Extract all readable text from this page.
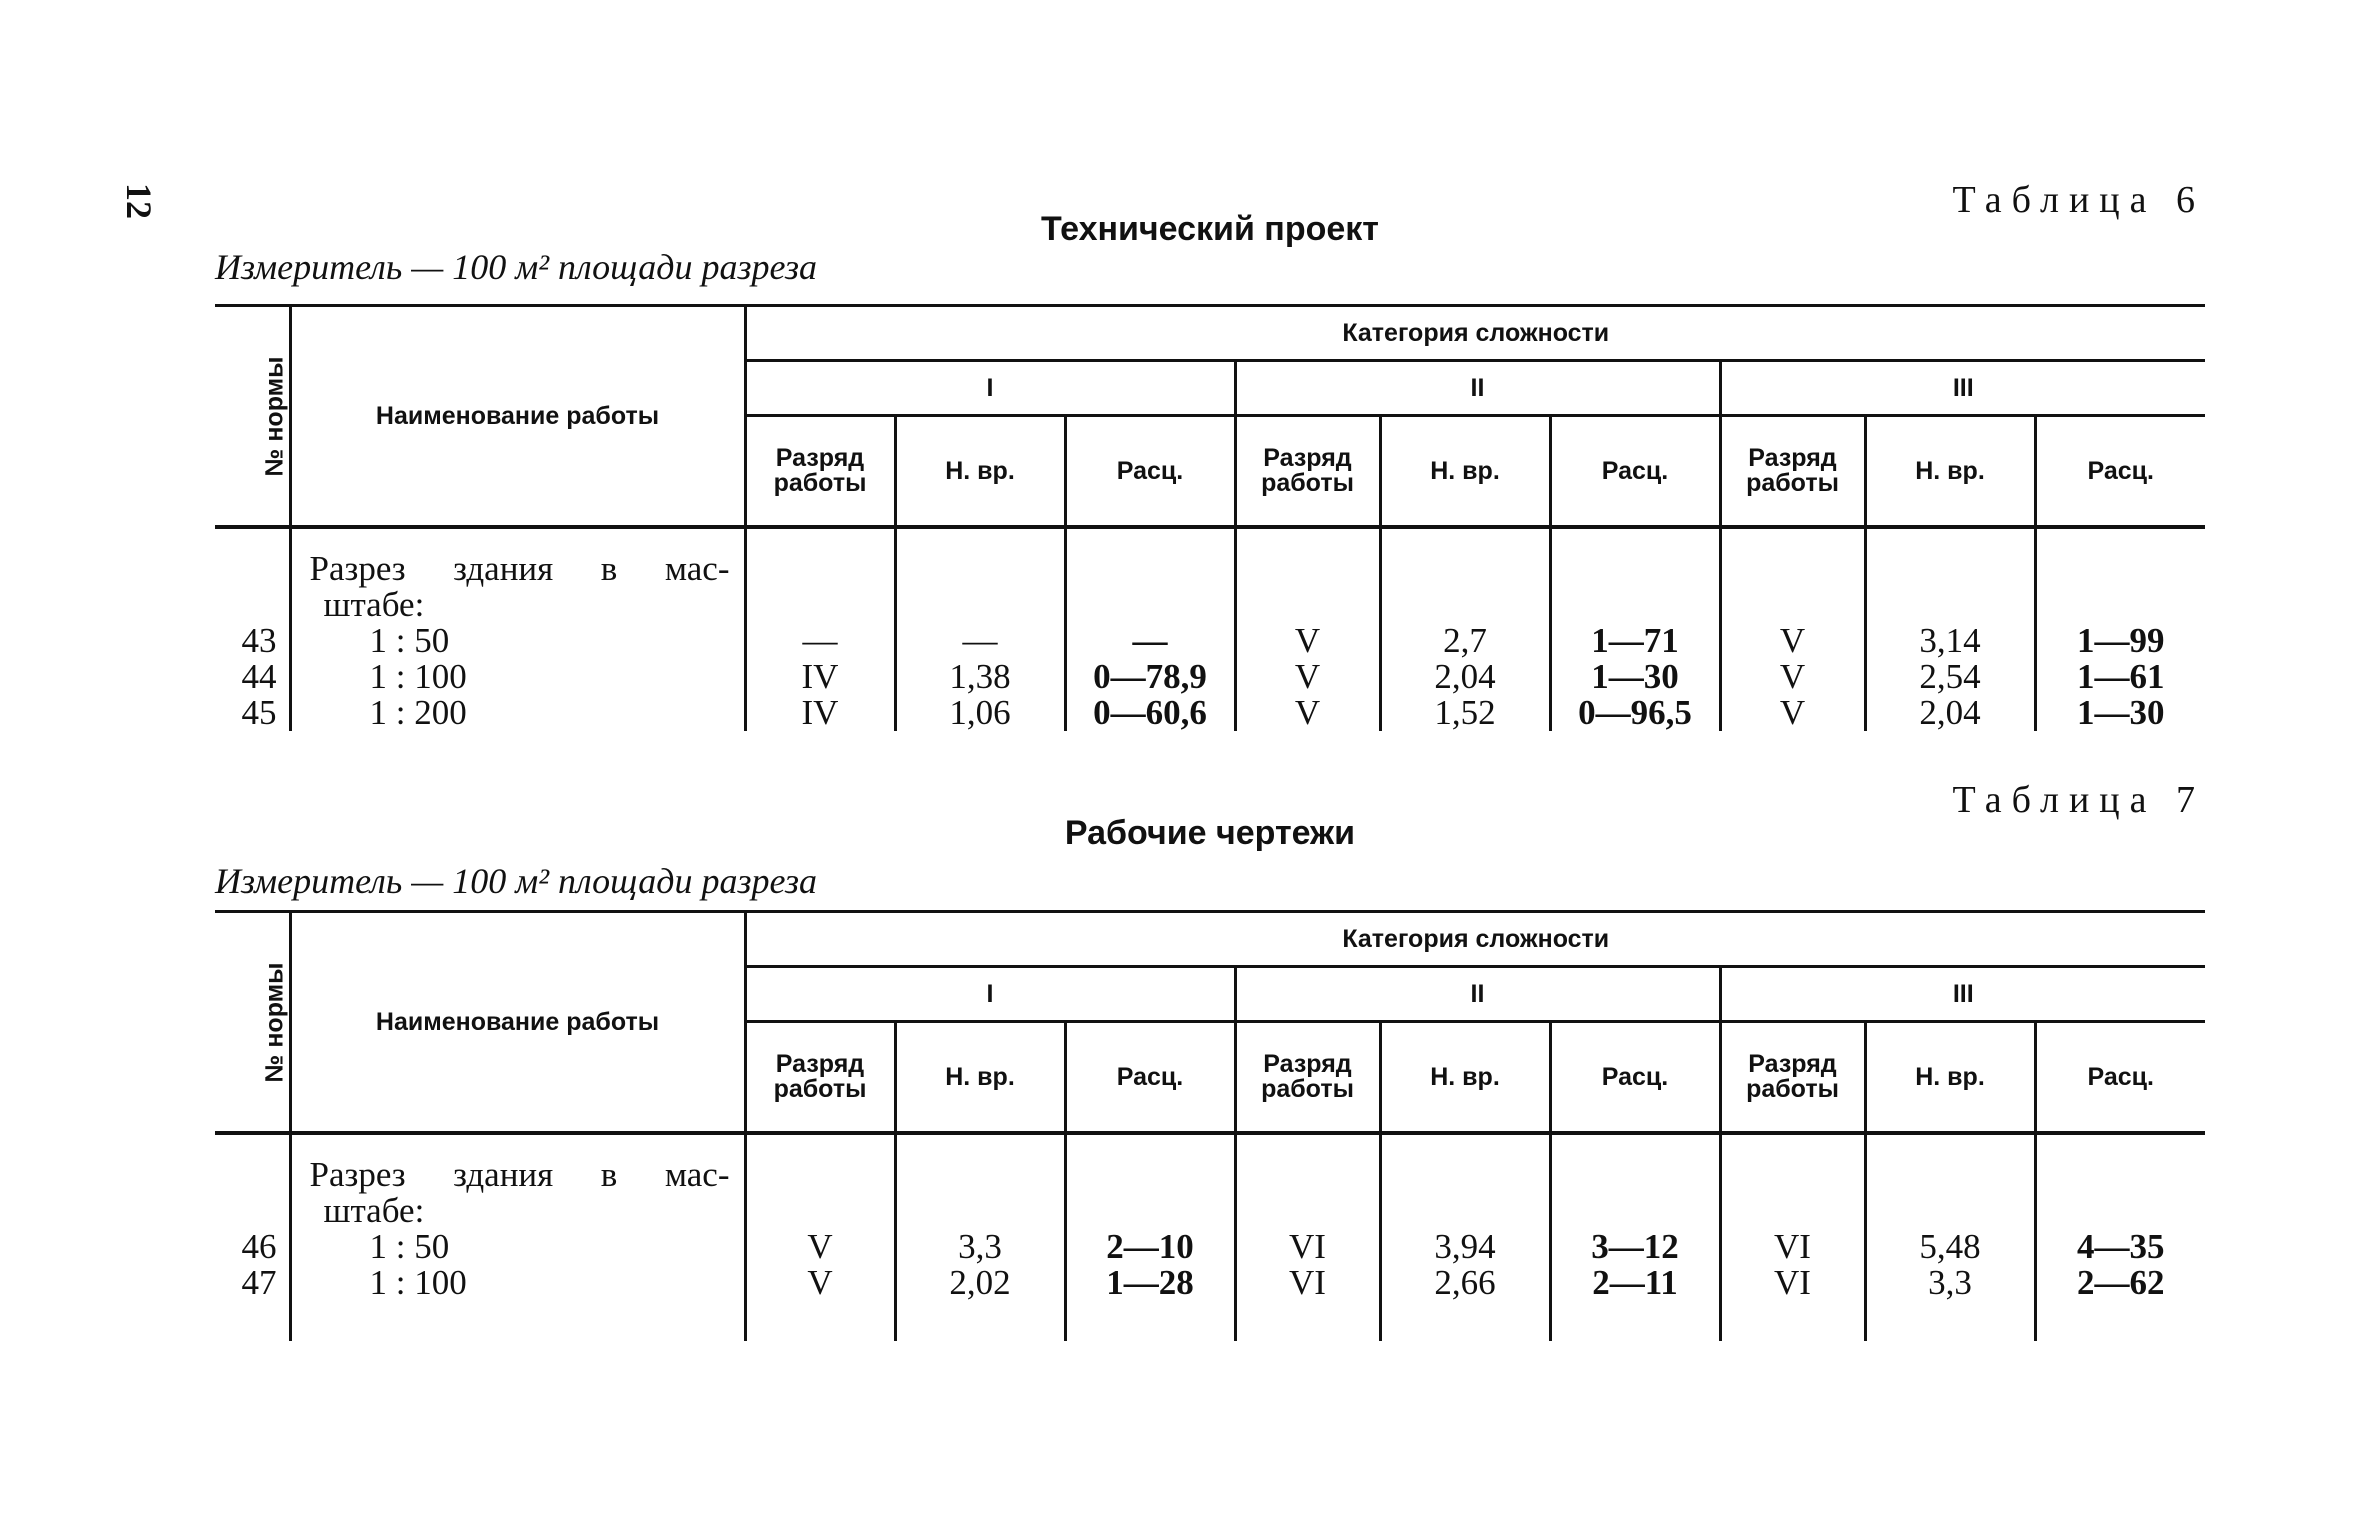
12	Таблица 6
Технический проект
Измеритель — 100 м² площади разреза
№ нормы	Наименование работы	Категория сложности								
		I			II			III		
		Разряд работы	Н. вр.	Расц.	Разряд работы	Н. вр.	Расц.	Разряд работы	Н. вр.	Расц.

	Разрез здания в мас-
штабе:									

43	1 : 50	—	—	—	V	2,7	1—71	V	3,14	1—99
44	1 : 100	IV	1,38	0—78,9	V	2,04	1—30	V	2,54	1—61
45	1 : 200	IV	1,06	0—60,6	V	1,52	0—96,5	V	2,04	1—30
Таблица 7
Рабочие чертежи
Измеритель — 100 м² площади разреза
№ нормы	Наименование работы	Категория сложности								
		I			II			III		
		Разряд работы	Н. вр.	Расц.	Разряд работы	Н. вр.	Расц.	Разряд работы	Н. вр.	Расц.

	Разрез здания в мас-
штабе:									

46	1 : 50	V	3,3	2—10	VI	3,94	3—12	VI	5,48	4—35
47	1 : 100	V	2,02	1—28	VI	2,66	2—11	VI	3,3	2—62
